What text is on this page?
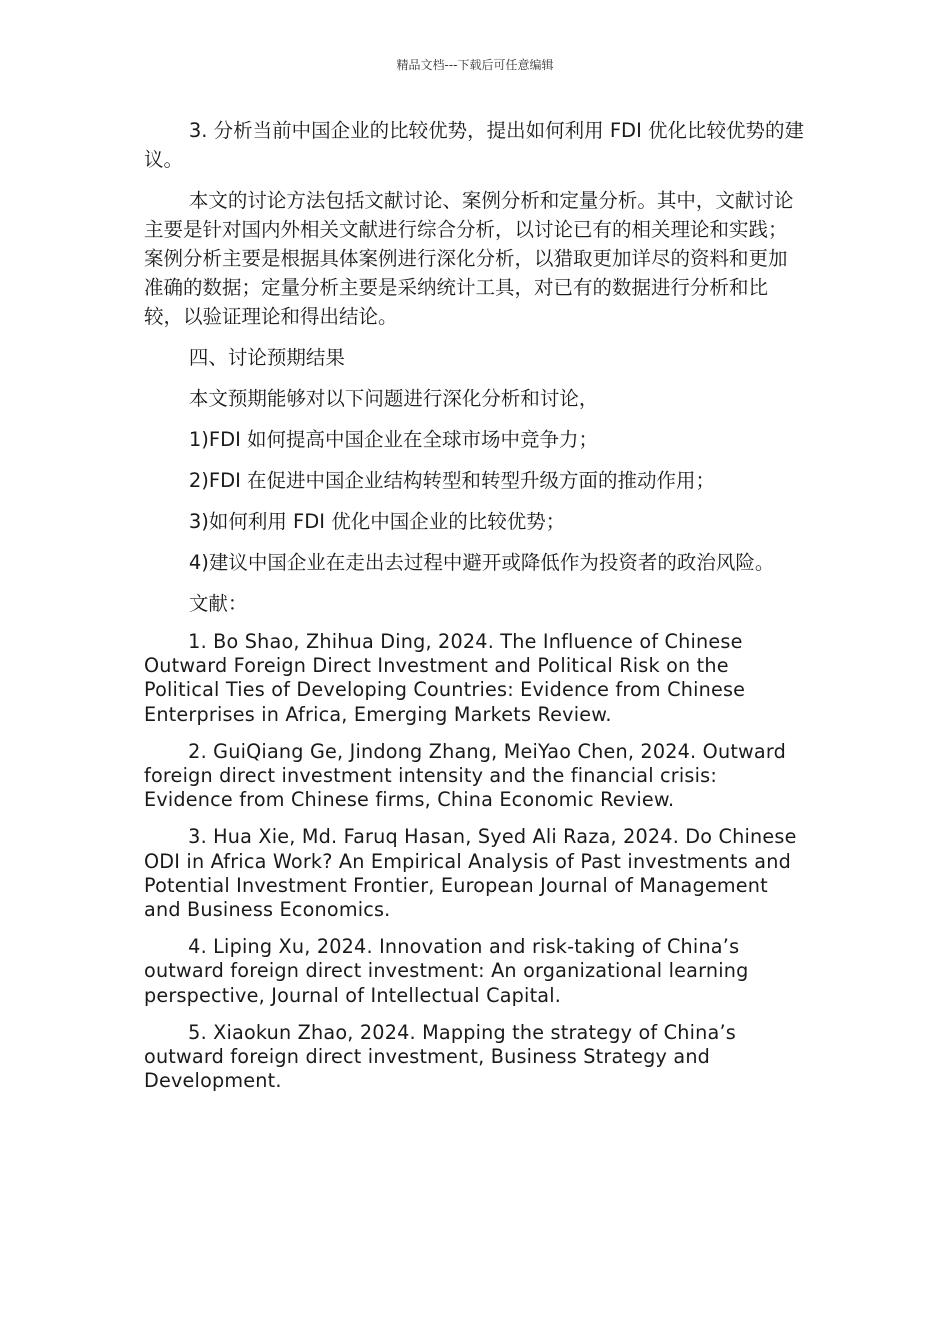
精品文档---下载后可任意编辑

3. 分析当前中国企业的比较优势，提出如何利用 FDI 优化比较优势的建议。

本文的讨论方法包括文献讨论、案例分析和定量分析。其中，文献讨论主要是针对国内外相关文献进行综合分析，以讨论已有的相关理论和实践；案例分析主要是根据具体案例进行深化分析，以猎取更加详尽的资料和更加准确的数据；定量分析主要是采纳统计工具，对已有的数据进行分析和比较，以验证理论和得出结论。

四、讨论预期结果

本文预期能够对以下问题进行深化分析和讨论，

1)FDI 如何提高中国企业在全球市场中竞争力；

2)FDI 在促进中国企业结构转型和转型升级方面的推动作用；

3)如何利用 FDI 优化中国企业的比较优势；

4)建议中国企业在走出去过程中避开或降低作为投资者的政治风险。

文献：

1. Bo Shao, Zhihua Ding, 2024. The Influence of Chinese Outward Foreign Direct Investment and Political Risk on the Political Ties of Developing Countries: Evidence from Chinese Enterprises in Africa, Emerging Markets Review.

2. GuiQiang Ge, Jindong Zhang, MeiYao Chen, 2024. Outward foreign direct investment intensity and the financial crisis: Evidence from Chinese firms, China Economic Review.

3. Hua Xie, Md. Faruq Hasan, Syed Ali Raza, 2024. Do Chinese ODI in Africa Work? An Empirical Analysis of Past investments and Potential Investment Frontier, European Journal of Management and Business Economics.

4. Liping Xu, 2024. Innovation and risk-taking of China’s outward foreign direct investment: An organizational learning perspective, Journal of Intellectual Capital.

5. Xiaokun Zhao, 2024. Mapping the strategy of China’s outward foreign direct investment, Business Strategy and Development.
